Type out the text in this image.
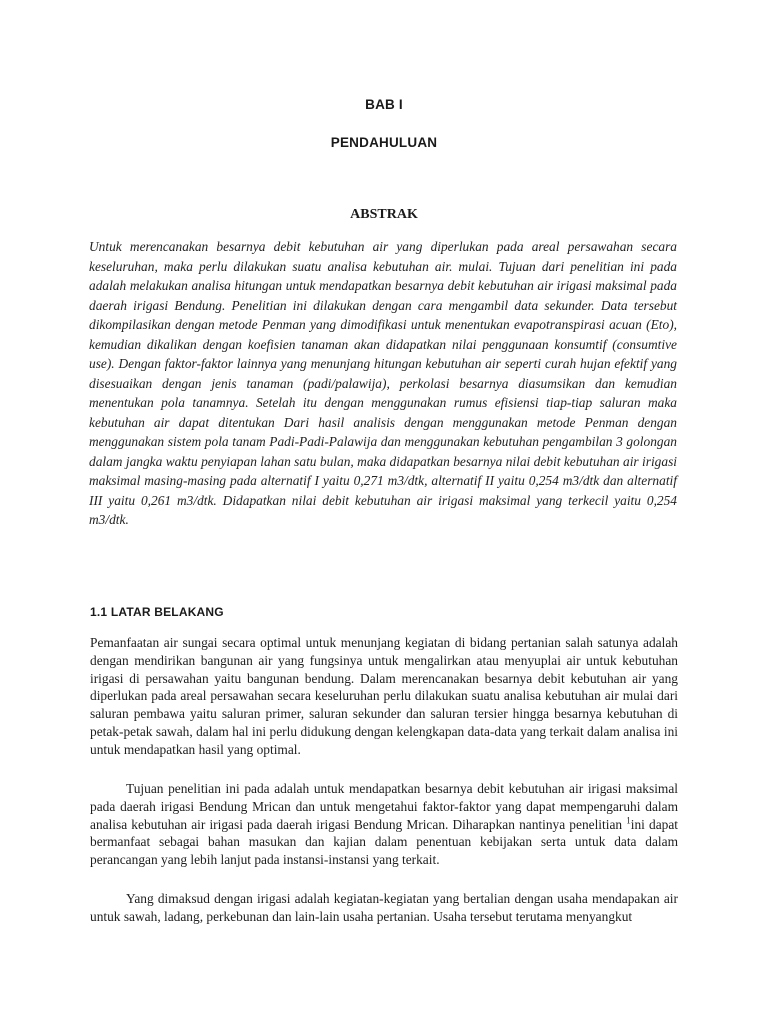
BAB I
PENDAHULUAN
ABSTRAK
Untuk merencanakan besarnya debit kebutuhan air yang diperlukan pada areal persawahan secara keseluruhan, maka perlu dilakukan suatu analisa kebutuhan air. mulai. Tujuan dari penelitian ini pada adalah melakukan analisa hitungan untuk mendapatkan besarnya debit kebutuhan air irigasi maksimal pada daerah irigasi Bendung. Penelitian ini dilakukan dengan cara mengambil data sekunder. Data tersebut dikompilasikan dengan metode Penman yang dimodifikasi untuk menentukan evapotranspirasi acuan (Eto), kemudian dikalikan dengan koefisien tanaman akan didapatkan nilai penggunaan konsumtif (consumtive use). Dengan faktor-faktor lainnya yang menunjang hitungan kebutuhan air seperti curah hujan efektif yang disesuaikan dengan jenis tanaman (padi/palawija), perkolasi besarnya diasumsikan dan kemudian menentukan pola tanamnya. Setelah itu dengan menggunakan rumus efisiensi tiap-tiap saluran maka kebutuhan air dapat ditentukan Dari hasil analisis dengan menggunakan metode Penman dengan menggunakan sistem pola tanam Padi-Padi-Palawija dan menggunakan kebutuhan pengambilan 3 golongan dalam jangka waktu penyiapan lahan satu bulan, maka didapatkan besarnya nilai debit kebutuhan air irigasi maksimal masing-masing pada alternatif I yaitu 0,271 m3/dtk, alternatif II yaitu 0,254 m3/dtk dan alternatif III yaitu 0,261 m3/dtk. Didapatkan nilai debit kebutuhan air irigasi maksimal yang terkecil yaitu 0,254 m3/dtk.
1.1 LATAR BELAKANG
Pemanfaatan air sungai secara optimal untuk menunjang kegiatan di bidang pertanian salah satunya adalah dengan mendirikan bangunan air yang fungsinya untuk mengalirkan atau menyuplai air untuk kebutuhan irigasi di persawahan yaitu bangunan bendung. Dalam merencanakan besarnya debit kebutuhan air yang diperlukan pada areal persawahan secara keseluruhan perlu dilakukan suatu analisa kebutuhan air mulai dari saluran pembawa yaitu saluran primer, saluran sekunder dan saluran tersier hingga besarnya kebutuhan di petak-petak sawah, dalam hal ini perlu didukung dengan kelengkapan data-data yang terkait dalam analisa ini untuk mendapatkan hasil yang optimal.
Tujuan penelitian ini pada adalah untuk mendapatkan besarnya debit kebutuhan air irigasi maksimal pada daerah irigasi Bendung Mrican dan untuk mengetahui faktor-faktor yang dapat mempengaruhi dalam analisa kebutuhan air irigasi pada daerah irigasi Bendung Mrican. Diharapkan nantinya penelitian $^1$ini dapat bermanfaat sebagai bahan masukan dan kajian dalam penentuan kebijakan serta untuk data dalam perancangan yang lebih lanjut pada instansi-instansi yang terkait.
Yang dimaksud dengan irigasi adalah kegiatan-kegiatan yang bertalian dengan usaha mendapakan air untuk sawah, ladang, perkebunan dan lain-lain usaha pertanian. Usaha tersebut terutama menyangkut
